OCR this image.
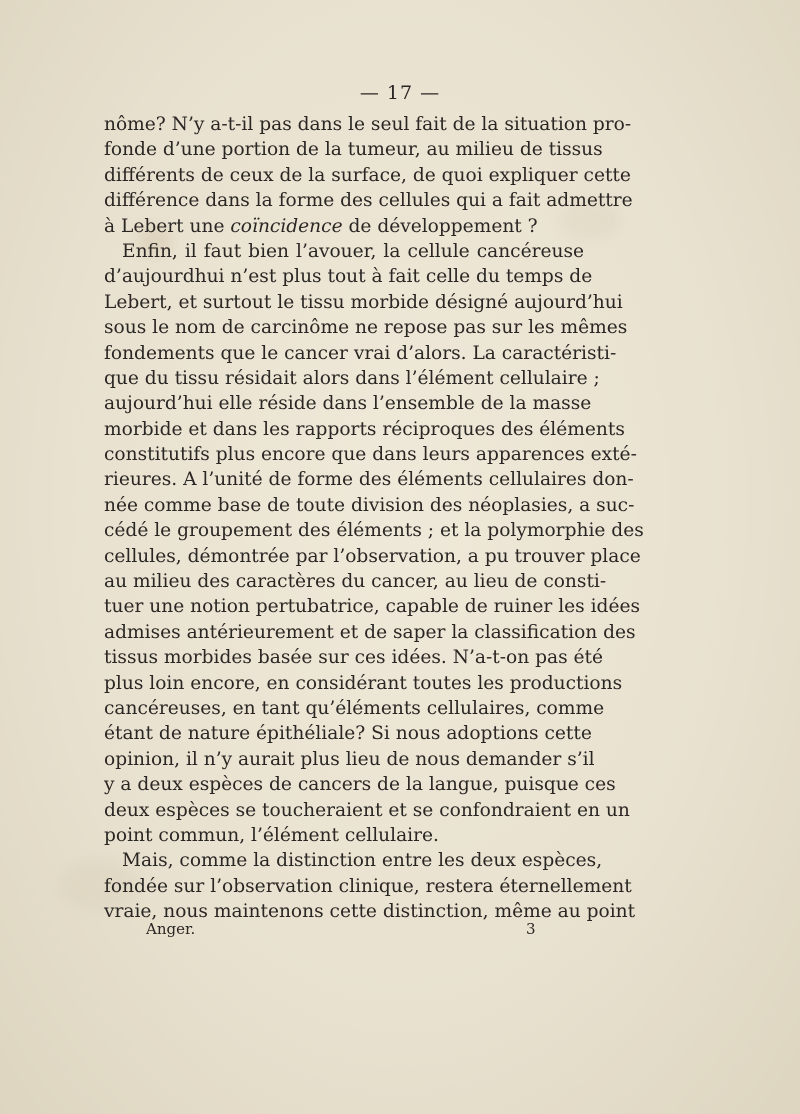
— 17 —
nôme? N’y a-t-il pas dans le seul fait de la situation pro-
fonde d’une portion de la tumeur, au milieu de tissus
différents de ceux de la surface, de quoi expliquer cette
différence dans la forme des cellules qui a fait admettre
à Lebert une coïncidence de développement ?
Enfin, il faut bien l’avouer, la cellule cancéreuse
d’aujourdhui n’est plus tout à fait celle du temps de
Lebert, et surtout le tissu morbide désigné aujourd’hui
sous le nom de carcinôme ne repose pas sur les mêmes
fondements que le cancer vrai d’alors. La caractéristi-
que du tissu résidait alors dans l’élément cellulaire ;
aujourd’hui elle réside dans l’ensemble de la masse
morbide et dans les rapports réciproques des éléments
constitutifs plus encore que dans leurs apparences exté-
rieures. A l’unité de forme des éléments cellulaires don-
née comme base de toute division des néoplasies, a suc-
cédé le groupement des éléments ; et la polymorphie des
cellules, démontrée par l’observation, a pu trouver place
au milieu des caractères du cancer, au lieu de consti-
tuer une notion pertubatrice, capable de ruiner les idées
admises antérieurement et de saper la classification des
tissus morbides basée sur ces idées. N’a-t-on pas été
plus loin encore, en considérant toutes les productions
cancéreuses, en tant qu’éléments cellulaires, comme
étant de nature épithéliale? Si nous adoptions cette
opinion, il n’y aurait plus lieu de nous demander s’il
y a deux espèces de cancers de la langue, puisque ces
deux espèces se toucheraient et se confondraient en un
point commun, l’élément cellulaire.
Mais, comme la distinction entre les deux espèces,
fondée sur l’observation clinique, restera éternellement
vraie, nous maintenons cette distinction, même au point
Anger.	3
